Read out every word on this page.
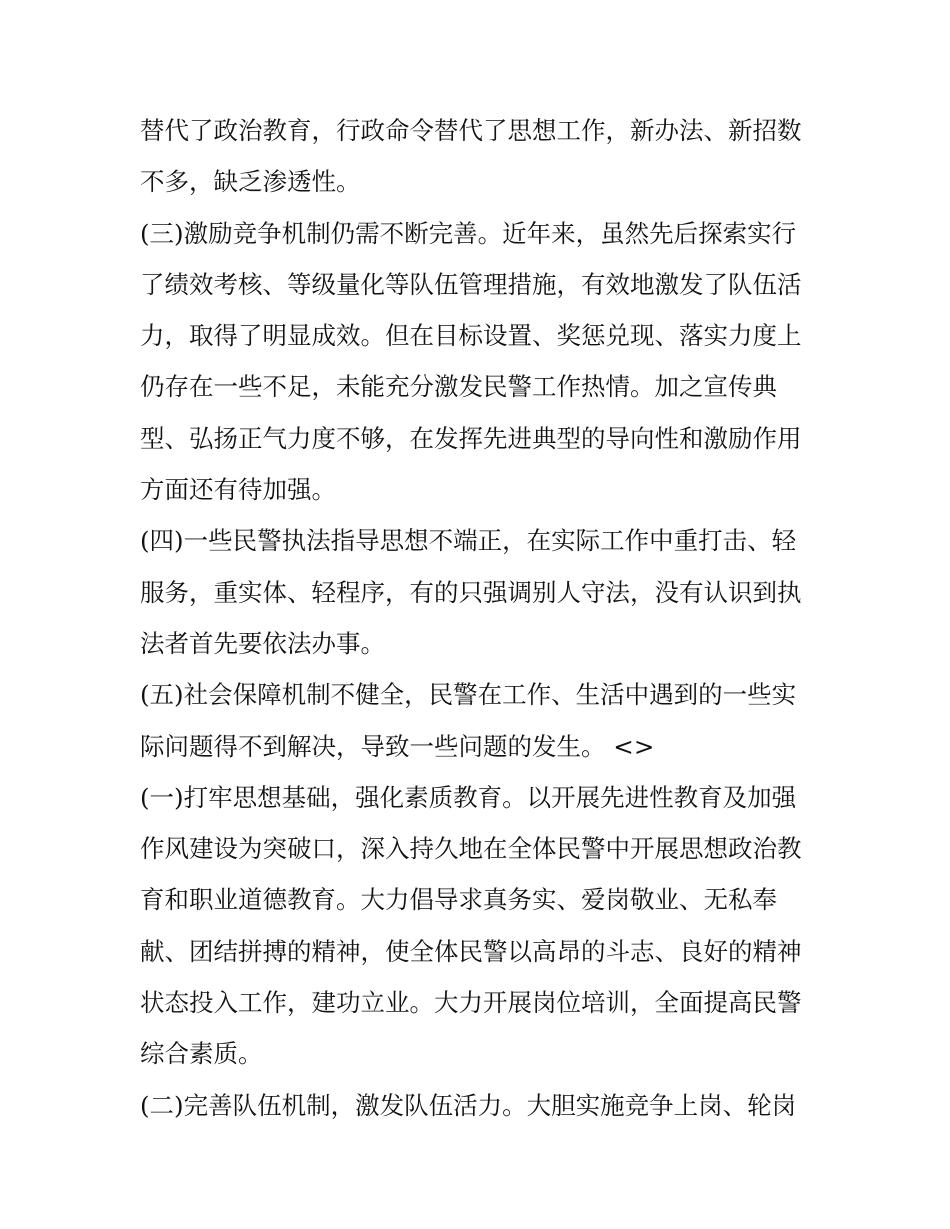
替代了政治教育，行政命令替代了思想工作，新办法、新招数
不多，缺乏渗透性。
(三)激励竞争机制仍需不断完善。近年来，虽然先后探索实行
了绩效考核、等级量化等队伍管理措施，有效地激发了队伍活
力，取得了明显成效。但在目标设置、奖惩兑现、落实力度上
仍存在一些不足，未能充分激发民警工作热情。加之宣传典
型、弘扬正气力度不够，在发挥先进典型的导向性和激励作用
方面还有待加强。
(四)一些民警执法指导思想不端正，在实际工作中重打击、轻
服务，重实体、轻程序，有的只强调别人守法，没有认识到执
法者首先要依法办事。
(五)社会保障机制不健全，民警在工作、生活中遇到的一些实
际问题得不到解决，导致一些问题的发生。 <>
(一)打牢思想基础，强化素质教育。以开展先进性教育及加强
作风建设为突破口，深入持久地在全体民警中开展思想政治教
育和职业道德教育。大力倡导求真务实、爱岗敬业、无私奉
献、团结拼搏的精神，使全体民警以高昂的斗志、良好的精神
状态投入工作，建功立业。大力开展岗位培训，全面提高民警
综合素质。
(二)完善队伍机制，激发队伍活力。大胆实施竞争上岗、轮岗
